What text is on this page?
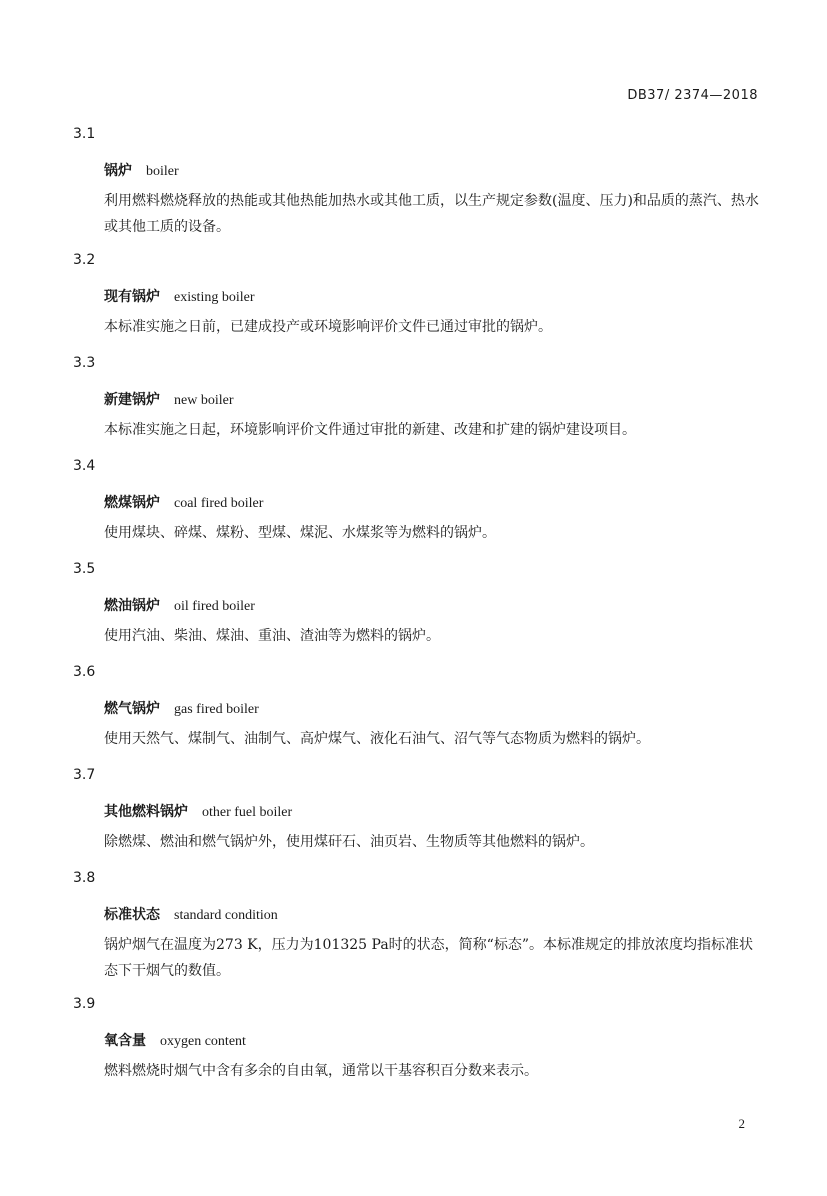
DB37/ 2374—2018
3.1
锅炉 boiler
利用燃料燃烧释放的热能或其他热能加热水或其他工质，以生产规定参数(温度、压力)和品质的蒸汽、热水或其他工质的设备。
3.2
现有锅炉 existing boiler
本标准实施之日前，已建成投产或环境影响评价文件已通过审批的锅炉。
3.3
新建锅炉 new boiler
本标准实施之日起，环境影响评价文件通过审批的新建、改建和扩建的锅炉建设项目。
3.4
燃煤锅炉 coal fired boiler
使用煤块、碎煤、煤粉、型煤、煤泥、水煤浆等为燃料的锅炉。
3.5
燃油锅炉 oil fired boiler
使用汽油、柴油、煤油、重油、渣油等为燃料的锅炉。
3.6
燃气锅炉 gas fired boiler
使用天然气、煤制气、油制气、高炉煤气、液化石油气、沼气等气态物质为燃料的锅炉。
3.7
其他燃料锅炉 other fuel boiler
除燃煤、燃油和燃气锅炉外，使用煤矸石、油页岩、生物质等其他燃料的锅炉。
3.8
标准状态 standard condition
锅炉烟气在温度为273 K，压力为101325 Pa时的状态，简称“标态”。本标准规定的排放浓度均指标准状态下干烟气的数值。
3.9
氧含量 oxygen content
燃料燃烧时烟气中含有多余的自由氧，通常以干基容积百分数来表示。
2
